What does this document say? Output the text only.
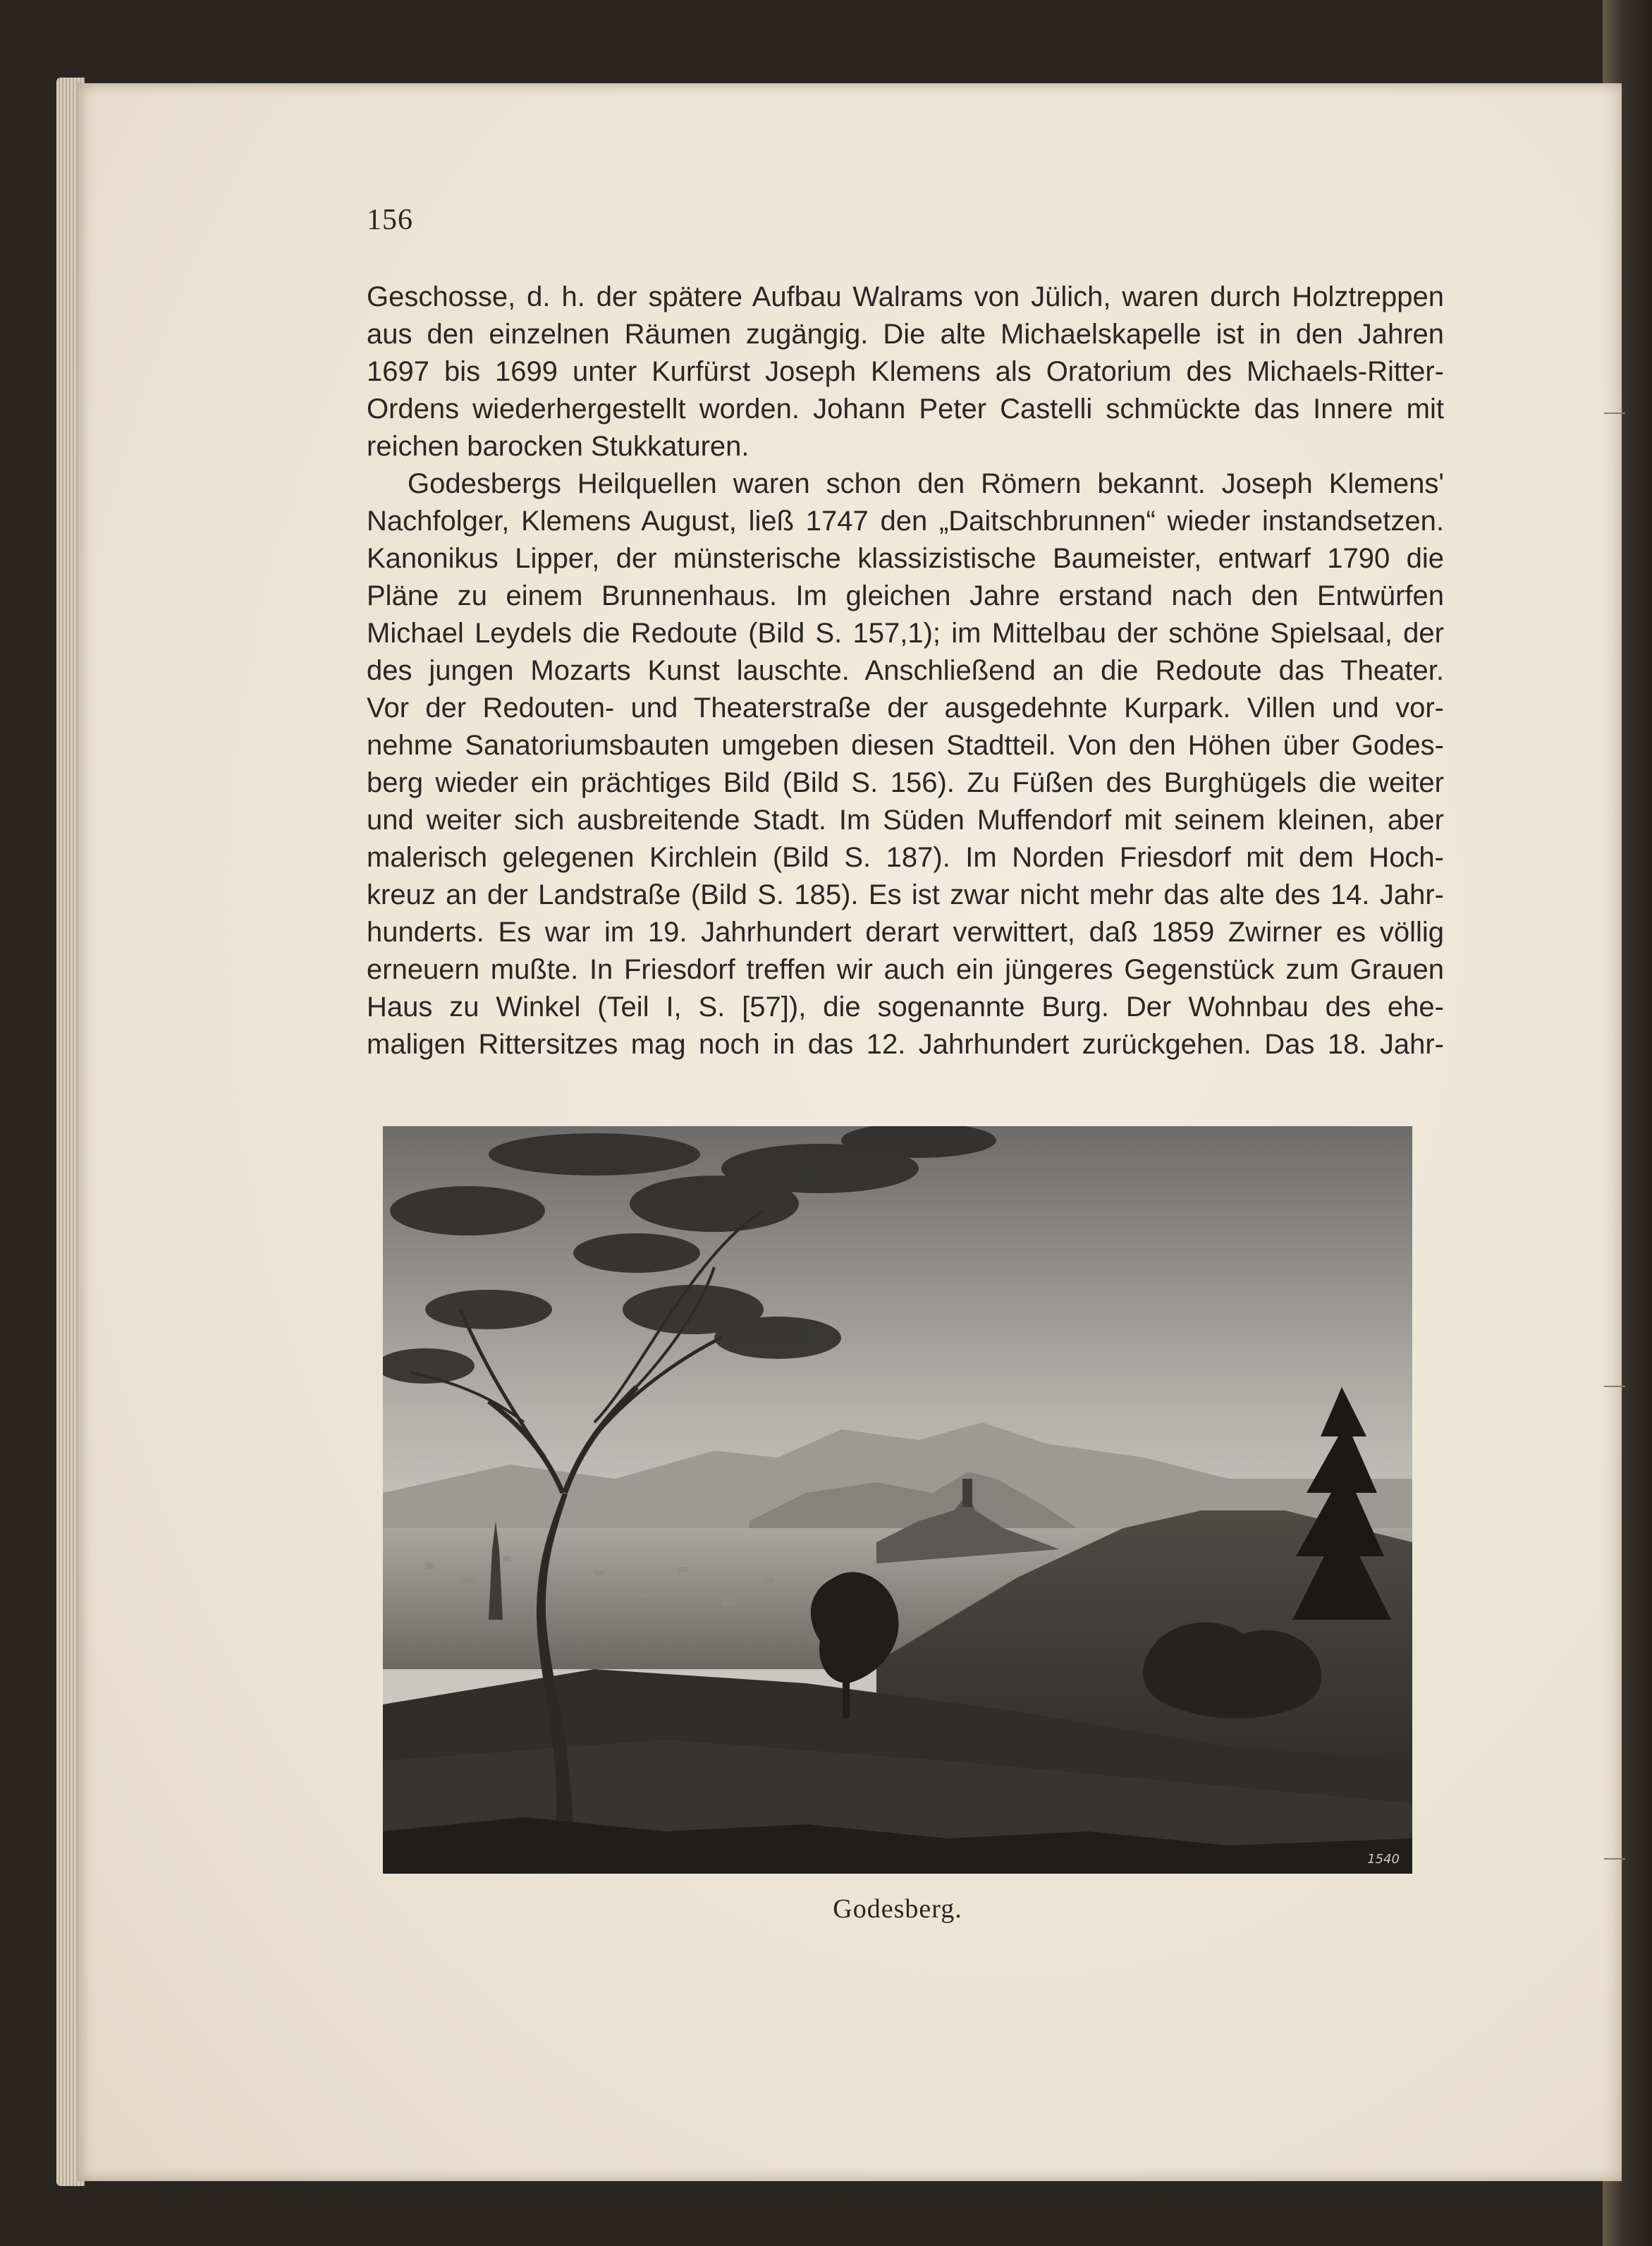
156
Geschosse, d. h. der spätere Aufbau Walrams von Jülich, waren durch Holztreppen
aus den einzelnen Räumen zugängig. Die alte Michaelskapelle ist in den Jahren
1697 bis 1699 unter Kurfürst Joseph Klemens als Oratorium des Michaels-Ritter-
Ordens wiederhergestellt worden. Johann Peter Castelli schmückte das Innere mit
reichen barocken Stukkaturen.
Godesbergs Heilquellen waren schon den Römern bekannt. Joseph Klemens'
Nachfolger, Klemens August, ließ 1747 den „Daitschbrunnen“ wieder instandsetzen.
Kanonikus Lipper, der münsterische klassizistische Baumeister, entwarf 1790 die
Pläne zu einem Brunnenhaus. Im gleichen Jahre erstand nach den Entwürfen
Michael Leydels die Redoute (Bild S. 157,1); im Mittelbau der schöne Spielsaal, der
des jungen Mozarts Kunst lauschte. Anschließend an die Redoute das Theater.
Vor der Redouten- und Theaterstraße der ausgedehnte Kurpark. Villen und vor-
nehme Sanatoriumsbauten umgeben diesen Stadtteil. Von den Höhen über Godes-
berg wieder ein prächtiges Bild (Bild S. 156). Zu Füßen des Burghügels die weiter
und weiter sich ausbreitende Stadt. Im Süden Muffendorf mit seinem kleinen, aber
malerisch gelegenen Kirchlein (Bild S. 187). Im Norden Friesdorf mit dem Hoch-
kreuz an der Landstraße (Bild S. 185). Es ist zwar nicht mehr das alte des 14. Jahr-
hunderts. Es war im 19. Jahrhundert derart verwittert, daß 1859 Zwirner es völlig
erneuern mußte. In Friesdorf treffen wir auch ein jüngeres Gegenstück zum Grauen
Haus zu Winkel (Teil I, S. [57]), die sogenannte Burg. Der Wohnbau des ehe-
maligen Rittersitzes mag noch in das 12. Jahrhundert zurückgehen. Das 18. Jahr-
1540
Godesberg.
